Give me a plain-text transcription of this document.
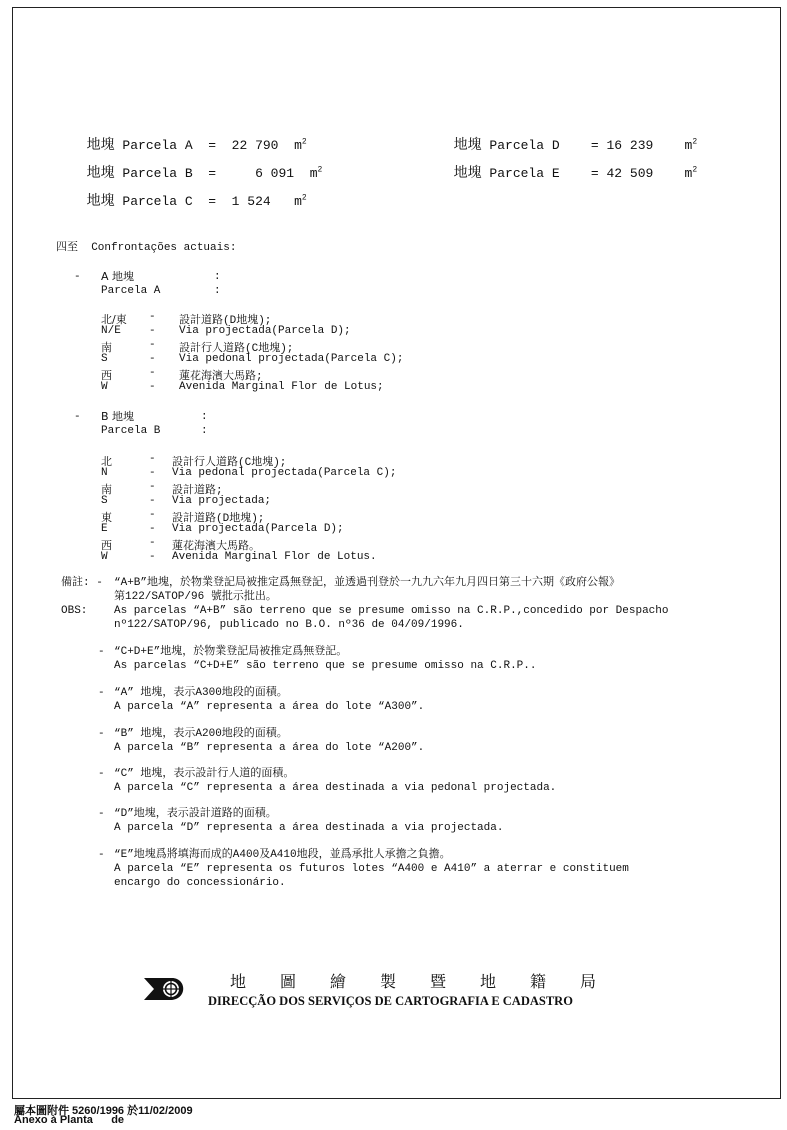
地塊 Parcela A = 22 790 $m^2$

地塊 Parcela B =	6 091 $m^2$

地塊 Parcela C = 1 524 $m^2$

地塊 Parcela D = 16 239 $m^2$

地塊 Parcela E = 42 509 $m^2$

四至 Confrontações actuais:
- A 地塊	:
Parcela A	:
北/東 - 設計道路(D地塊);
N/E	- Via projectada(Parcela D);
南	- 設計行人道路(C地塊);
S	- Via pedonal projectada(Parcela C);
西	- 蓮花海濱大馬路;
W	- Avenida Marginal Flor de Lotus;
- B 地塊	:
Parcela B	:
北	- 設計行人道路(C地塊);
N	- Via pedonal projectada(Parcela C);
南	- 設計道路;
S	- Via projectada;
東	- 設計道路(D地塊);
E	- Via projectada(Parcela D);
西	- 蓮花海濱大馬路。
W	- Avenida Marginal Flor de Lotus.
備註: - “A+B”地塊，於物業登記局被推定爲無登記，並透過刊登於一九九六年九月四日第三十六期《政府公報》
第122/SATOP/96 號批示批出。
OBS: As parcelas “A+B” são terreno que se presume omisso na C.R.P.,concedido por Despacho
nº122/SATOP/96, publicado no B.O. nº36 de 04/09/1996.
- “C+D+E”地塊，於物業登記局被推定爲無登記。
As parcelas “C+D+E” são terreno que se presume omisso na C.R.P..
- “A” 地塊，表示A300地段的面積。
A parcela “A” representa a área do lote “A300”.
- “B” 地塊，表示A200地段的面積。
A parcela “B” representa a área do lote “A200”.
- “C” 地塊，表示設計行人道的面積。
A parcela “C” representa a área destinada a via pedonal projectada.
- “D”地塊，表示設計道路的面積。
A parcela “D” representa a área destinada a via projectada.
- “E”地塊爲將填海而成的A400及A410地段，並爲承批人承擔之負擔。
A parcela “E” representa os futuros lotes “A400 e A410” a aterrar e constituem
encargo do concessionário.
地圖繪製暨地籍局
DIRECÇÃO DOS SERVIÇOS DE CARTOGRAFIA E CADASTRO
屬本圖附件 5260/1996 於11/02/2009
Anexo à Planta      de
